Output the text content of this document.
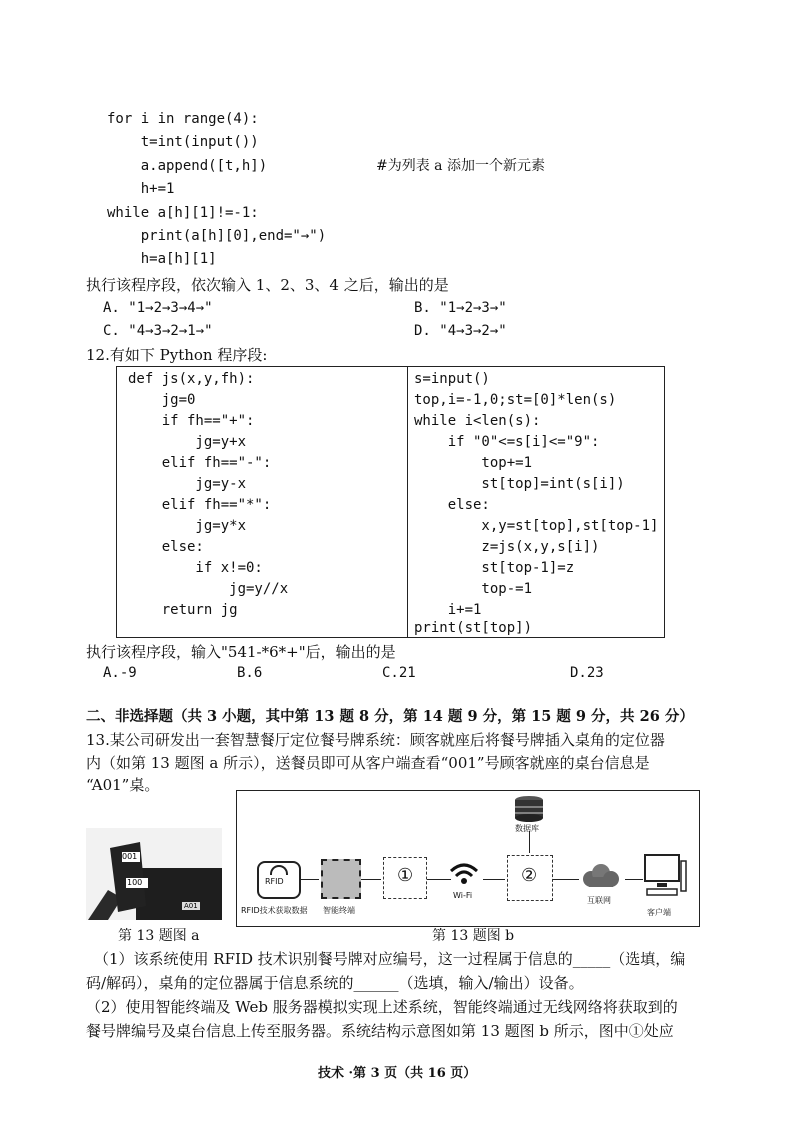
for i in range(4):
t=int(input())
a.append([t,h])
h+=1
while a[h][1]!=-1:
print(a[h][0],end="→")
h=a[h][1]
#为列表 a 添加一个新元素
执行该程序段，依次输入 1、2、3、4 之后，输出的是
A. "1→2→3→4→"	B. "1→2→3→"
C. "4→3→2→1→"	D. "4→3→2→"
12.有如下 Python 程序段:
def js(x,y,fh):
jg=0
if fh=="+":
jg=y+x
elif fh=="-":
jg=y-x
elif fh=="*":
jg=y*x
else:
if x!=0:
jg=y//x
return jg
s=input()
top,i=-1,0;st=[0]*len(s)
while i<len(s):
if "0"<=s[i]<="9":
top+=1
st[top]=int(s[i])
else:
x,y=st[top],st[top-1]
z=js(x,y,s[i])
st[top-1]=z
top-=1
i+=1
print(st[top])
执行该程序段，输入"541-*6*+"后，输出的是
A.-9	B.6	C.21	D.23
二、非选择题（共 3 小题，其中第 13 题 8 分，第 14 题 9 分，第 15 题 9 分，共 26 分）
13.某公司研发出一套智慧餐厅定位餐号牌系统：顾客就座后将餐号牌插入桌角的定位器
内（如第 13 题图 a 所示），送餐员即可从客户端查看“001”号顾客就座的桌台信息是
“A01”桌。
001
100
A01
第 13 题图 a
RFID
RFID技术获取数据 智能终端
①
Wi-Fi
②
数据库
互联网
客户端
第 13 题图 b
（1）该系统使用 RFID 技术识别餐号牌对应编号，这一过程属于信息的_____（选填，编
码/解码），桌角的定位器属于信息系统的______（选填，输入/输出）设备。
（2）使用智能终端及 Web 服务器模拟实现上述系统，智能终端通过无线网络将获取到的
餐号牌编号及桌台信息上传至服务器。系统结构示意图如第 13 题图 b 所示，图中①处应
技术 ·第 3 页（共 16 页）
